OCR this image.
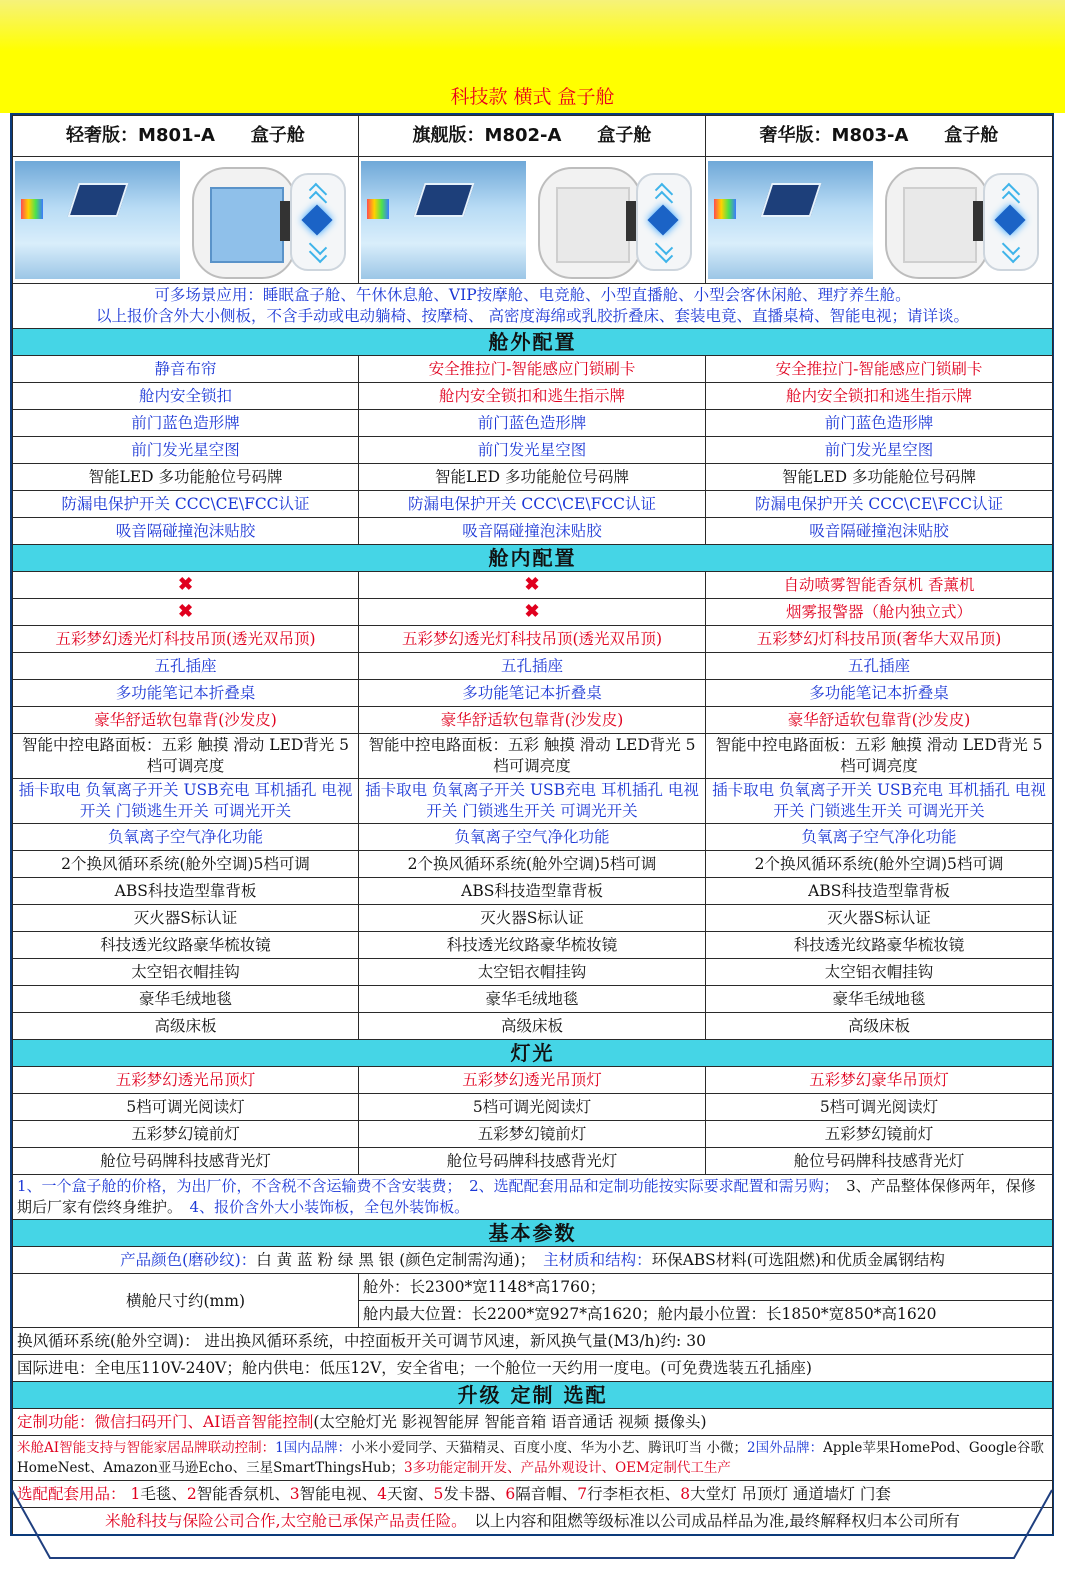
科技款 横式 盒子舱
轻奢版：M801-A　　盒子舱	旗舰版：M802-A　　盒子舱	奢华版：M803-A　　盒子舱

可多场景应用：睡眠盒子舱、午休休息舱、VIP按摩舱、电竞舱、小型直播舱、小型会客休闲舱、理疗养生舱。
以上报价含外大小侧板，不含手动或电动躺椅、按摩椅、 高密度海绵或乳胶折叠床、套装电竟、直播桌椅、智能电视；请详谈。		

舱外配置		
静音布帘	安全推拉门-智能感应门锁刷卡	安全推拉门-智能感应门锁刷卡
舱内安全锁扣	舱内安全锁扣和逃生指示牌	舱内安全锁扣和逃生指示牌
前门蓝色造形牌	前门蓝色造形牌	前门蓝色造形牌
前门发光星空图	前门发光星空图	前门发光星空图
智能LED 多功能舱位号码牌	智能LED 多功能舱位号码牌	智能LED 多功能舱位号码牌
防漏电保护开关 CCC\CE\FCC认证	防漏电保护开关 CCC\CE\FCC认证	防漏电保护开关 CCC\CE\FCC认证
吸音隔碰撞泡沫贴胶	吸音隔碰撞泡沫贴胶	吸音隔碰撞泡沫贴胶
舱内配置		
✖	✖	自动喷雾智能香氛机 香薰机
✖	✖	烟雾报警器（舱内独立式）
五彩梦幻透光灯科技吊顶(透光双吊顶)	五彩梦幻透光灯科技吊顶(透光双吊顶)	五彩梦幻灯科技吊顶(奢华大双吊顶)
五孔插座	五孔插座	五孔插座
多功能笔记本折叠桌	多功能笔记本折叠桌	多功能笔记本折叠桌
豪华舒适软包靠背(沙发皮)	豪华舒适软包靠背(沙发皮)	豪华舒适软包靠背(沙发皮)
智能中控电路面板：五彩 触摸 滑动 LED背光 5档可调亮度	智能中控电路面板：五彩 触摸 滑动 LED背光 5档可调亮度	智能中控电路面板：五彩 触摸 滑动 LED背光 5档可调亮度
插卡取电 负氧离子开关 USB充电 耳机插孔 电视开关 门锁逃生开关 可调光开关	插卡取电 负氧离子开关 USB充电 耳机插孔 电视开关 门锁逃生开关 可调光开关	插卡取电 负氧离子开关 USB充电 耳机插孔 电视开关 门锁逃生开关 可调光开关
负氧离子空气净化功能	负氧离子空气净化功能	负氧离子空气净化功能
2个换风循环系统(舱外空调)5档可调	2个换风循环系统(舱外空调)5档可调	2个换风循环系统(舱外空调)5档可调
ABS科技造型靠背板	ABS科技造型靠背板	ABS科技造型靠背板
灭火器S标认证	灭火器S标认证	灭火器S标认证
科技透光纹路豪华梳妆镜	科技透光纹路豪华梳妆镜	科技透光纹路豪华梳妆镜
太空铝衣帽挂钩	太空铝衣帽挂钩	太空铝衣帽挂钩
豪华毛绒地毯	豪华毛绒地毯	豪华毛绒地毯
高级床板	高级床板	高级床板
灯光		
五彩梦幻透光吊顶灯	五彩梦幻透光吊顶灯	五彩梦幻豪华吊顶灯
5档可调光阅读灯	5档可调光阅读灯	5档可调光阅读灯
五彩梦幻镜前灯	五彩梦幻镜前灯	五彩梦幻镜前灯
舱位号码牌科技感背光灯	舱位号码牌科技感背光灯	舱位号码牌科技感背光灯
1、一个盒子舱的价格，为出厂价，不含税不含运输费不含安装费；　 2、选配配套用品和定制功能按实际要求配置和需另购；　 3、产品整体保修两年，保修期后厂家有偿终身维护。　 4、报价含外大小装饰板，全包外装饰板。		
基本参数		
产品颜色(磨砂纹)：白 黄 蓝 粉 绿 黑 银 (颜色定制需沟通)；　 主材质和结构：环保ABS材料(可选阻燃)和优质金属钢结构		
横舱尺寸约(mm)	舱外：长2300*宽1148*高1760；	
	舱内最大位置：长2200*宽927*高1620；舱内最小位置：长1850*宽850*高1620	
换风循环系统(舱外空调)： 进出换风循环系统，中控面板开关可调节风速，新风换气量(M3/h)约: 30		
国际进电：全电压110V-240V；舱内供电：低压12V，安全省电；一个舱位一天约用一度电。(可免费选装五孔插座)		
升级 定制 选配		
定制功能：微信扫码开门、AI语音智能控制(太空舱灯光 影视智能屏 智能音箱 语音通话 视频 摄像头)		
米舱AI智能支持与智能家居品牌联动控制：1国内品牌：小米小爱同学、天猫精灵、百度小度、华为小艺、腾讯叮当 小微；2国外品牌：Apple苹果HomePod、Google谷歌HomeNest、Amazon亚马逊Echo、三星SmartThingsHub；3多功能定制开发、产品外观设计、OEM定制代工生产		
选配配套用品： 1毛毯、2智能香氛机、3智能电视、4天窗、5发卡器、6隔音帽、7行李柜衣柜、8大堂灯 吊顶灯 通道墙灯 门套		
米舱科技与保险公司合作,太空舱已承保产品责任险。　 以上内容和阻燃等级标准以公司成品样品为准,最终解释权归本公司所有		
